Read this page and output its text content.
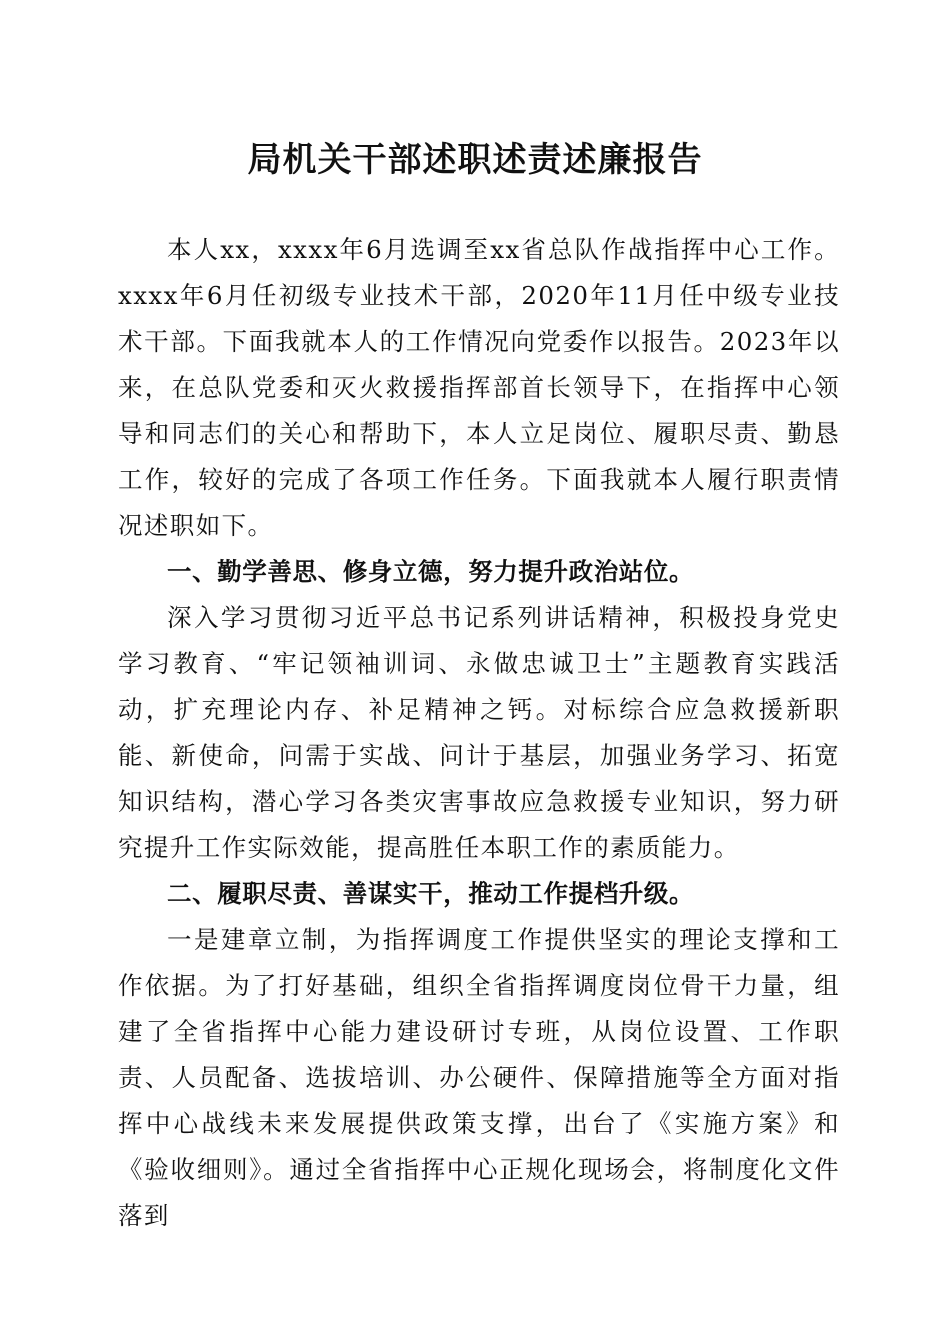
局机关干部述职述责述廉报告

本人xx，xxxx年6月选调至xx省总队作战指挥中心工作。xxxx年6月任初级专业技术干部，2020年11月任中级专业技术干部。下面我就本人的工作情况向党委作以报告。2023年以来，在总队党委和灭火救援指挥部首长领导下，在指挥中心领导和同志们的关心和帮助下，本人立足岗位、履职尽责、勤恳工作，较好的完成了各项工作任务。下面我就本人履行职责情况述职如下。

一、勤学善思、修身立德，努力提升政治站位。

深入学习贯彻习近平总书记系列讲话精神，积极投身党史学习教育、“牢记领袖训词、永做忠诚卫士”主题教育实践活动，扩充理论内存、补足精神之钙。对标综合应急救援新职能、新使命，问需于实战、问计于基层，加强业务学习、拓宽知识结构，潜心学习各类灾害事故应急救援专业知识，努力研究提升工作实际效能，提高胜任本职工作的素质能力。

二、履职尽责、善谋实干，推动工作提档升级。

一是建章立制，为指挥调度工作提供坚实的理论支撑和工作依据。为了打好基础，组织全省指挥调度岗位骨干力量，组建了全省指挥中心能力建设研讨专班，从岗位设置、工作职责、人员配备、选拔培训、办公硬件、保障措施等全方面对指挥中心战线未来发展提供政策支撑，出台了《实施方案》和《验收细则》。通过全省指挥中心正规化现场会，将制度化文件落到
